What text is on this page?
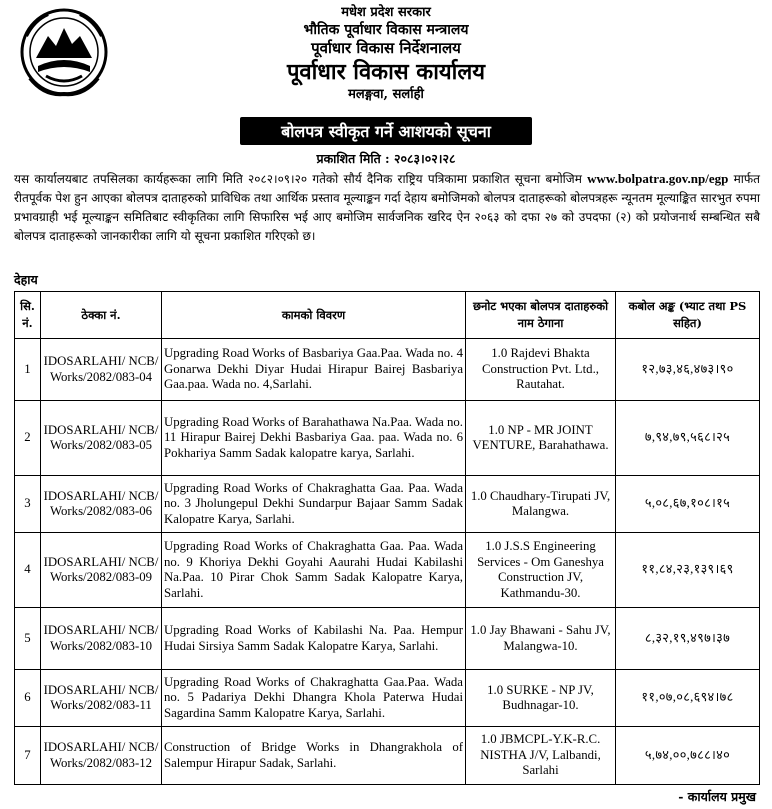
मधेश प्रदेश सरकार
भौतिक पूर्वाधार विकास मन्त्रालय
पूर्वाधार विकास निर्देशनालय
पूर्वाधार विकास कार्यालय
मलङ्गवा, सर्लाही
बोलपत्र स्वीकृत गर्ने आशयको सूचना
प्रकाशित मिति : २०८३।०२।२८
यस कार्यालयबाट तपसिलका कार्यहरूका लागि मिति २०८२।०९।२० गतेको सौर्य दैनिक राष्ट्रिय पत्रिकामा प्रकाशित सूचना बमोजिम www.bolpatra.gov.np/egp मार्फत रीतपूर्वक पेश हुन आएका बोलपत्र दाताहरुको प्राविधिक तथा आर्थिक प्रस्ताव मूल्याङ्कन गर्दा देहाय बमोजिमको बोलपत्र दाताहरूको बोलपत्रहरू न्यूनतम मूल्याङ्कित सारभुत रुपमा प्रभावग्राही भई मूल्याङ्कन समितिबाट स्वीकृतिका लागि सिफारिस भई आए बमोजिम सार्वजनिक खरिद ऐन २०६३ को दफा २७ को उपदफा (२) को प्रयोजनार्थ सम्बन्धित सबै बोलपत्र दाताहरूको जानकारीका लागि यो सूचना प्रकाशित गरिएको छ।
देहाय
सि. नं.	ठेक्का नं.	कामको विवरण	छनोट भएका बोलपत्र दाताहरुको नाम ठेगाना	कबोल अङ्क (भ्याट तथा PS सहित)
1	IDOSARLAHI/ NCB/ Works/2082/083-04	Upgrading Road Works of Basbariya Gaa.Paa. Wada no. 4 Gonarwa Dekhi Diyar Hudai Hirapur Bairej Basbariya Gaa.paa. Wada no. 4,Sarlahi.	1.0 Rajdevi Bhakta Construction Pvt. Ltd., Rautahat.	१२,७३,४६,४७३।९०
2	IDOSARLAHI/ NCB/ Works/2082/083-05	Upgrading Road Works of Barahathawa Na.Paa. Wada no. 11 Hirapur Bairej Dekhi Basbariya Gaa. paa. Wada no. 6 Pokhariya Samm Sadak kalopatre karya, Sarlahi.	1.0 NP - MR JOINT VENTURE, Barahathawa.	७,९४,७९,५६८।२५
3	IDOSARLAHI/ NCB/ Works/2082/083-06	Upgrading Road Works of Chakraghatta Gaa. Paa. Wada no. 3 Jholungepul Dekhi Sundarpur Bajaar Samm Sadak Kalopatre Karya, Sarlahi.	1.0 Chaudhary-Tirupati JV, Malangwa.	५,०८,६७,१०८।१५
4	IDOSARLAHI/ NCB/ Works/2082/083-09	Upgrading Road Works of Chakraghatta Gaa. Paa. Wada no. 9 Khoriya Dekhi Goyahi Aaurahi Hudai Kabilashi Na.Paa. 10 Pirar Chok Samm Sadak Kalopatre Karya, Sarlahi.	1.0 J.S.S Engineering Services - Om Ganeshya Construction JV, Kathmandu-30.	११,८४,२३,१३९।६९
5	IDOSARLAHI/ NCB/ Works/2082/083-10	Upgrading Road Works of Kabilashi Na. Paa. Hempur Hudai Sirsiya Samm Sadak Kalopatre Karya, Sarlahi.	1.0 Jay Bhawani - Sahu JV, Malangwa-10.	८,३२,१९,४९७।३७
6	IDOSARLAHI/ NCB/ Works/2082/083-11	Upgrading Road Works of Chakraghatta Gaa.Paa. Wada no. 5 Padariya Dekhi Dhangra Khola Paterwa Hudai Sagardina Samm Kalopatre Karya, Sarlahi.	1.0 SURKE - NP JV, Budhnagar-10.	११,०७,०८,६९४।७८
7	IDOSARLAHI/ NCB/ Works/2082/083-12	Construction of Bridge Works in Dhangrakhola of Salempur Hirapur Sadak, Sarlahi.	1.0 JBMCPL-Y.K-R.C. NISTHA J/V, Lalbandi, Sarlahi	५,७४,००,७८८।४०
- कार्यालय प्रमुख
